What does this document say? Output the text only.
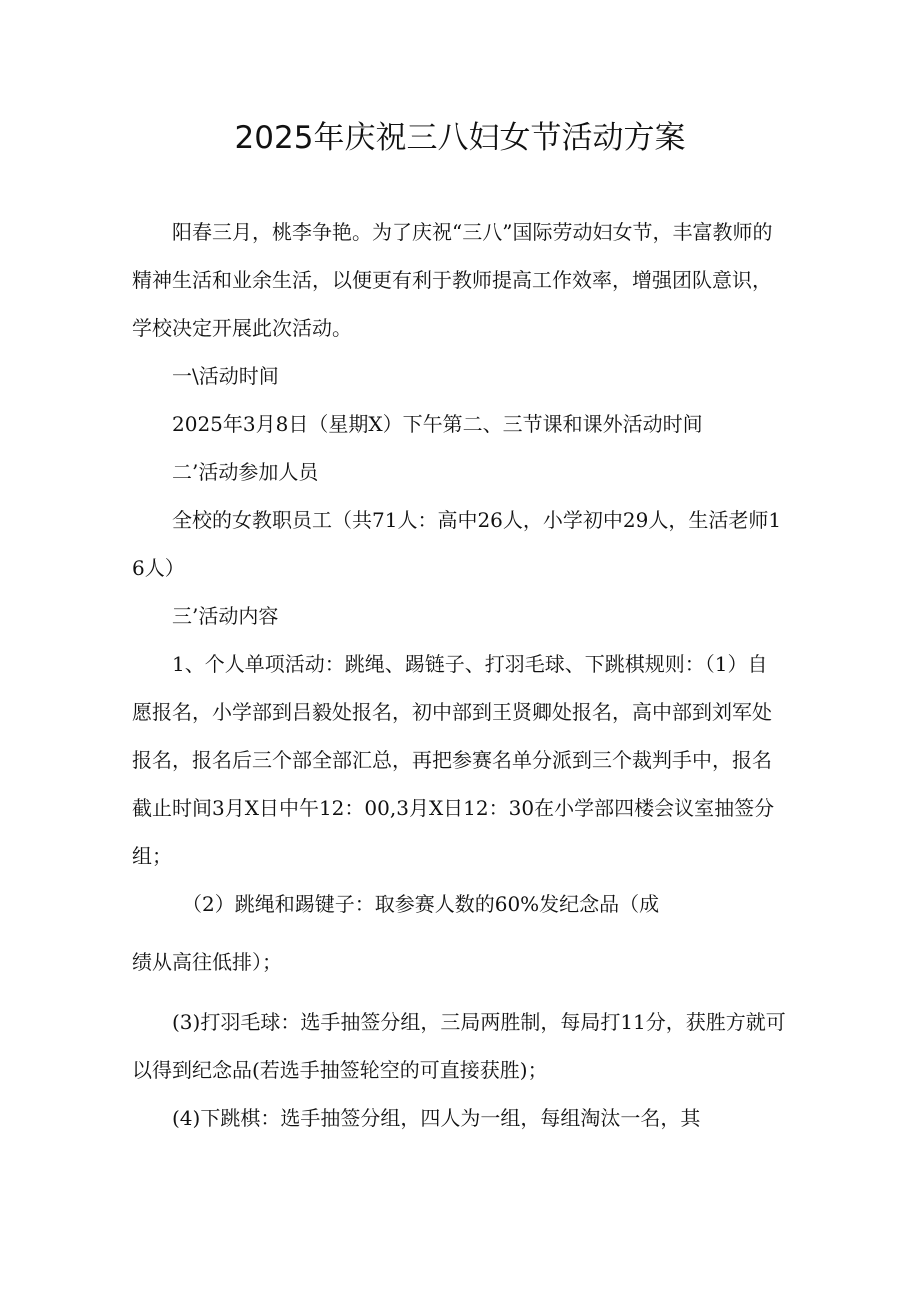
2025年庆祝三八妇女节活动方案

　　阳春三月，桃李争艳。为了庆祝“三八”国际劳动妇女节，丰富教师的精神生活和业余生活，以便更有利于教师提高工作效率，增强团队意识，学校决定开展此次活动。

　　一\活动时间

　　2025年3月8日（星期X）下午第二、三节课和课外活动时间

　　二’活动参加人员

　　全校的女教职员工（共71人：高中26人，小学初中29人，生活老师16人）

　　三’活动内容

　　1、个人单项活动：跳绳、踢链子、打羽毛球、下跳棋规则：（1）自愿报名，小学部到吕毅处报名，初中部到王贤卿处报名，高中部到刘军处报名，报名后三个部全部汇总，再把参赛名单分派到三个裁判手中，报名截止时间3月X日中午12：00,3月X日12：30在小学部四楼会议室抽签分组；

　　　（2）跳绳和踢键子：取参赛人数的60%发纪念品（成

绩从高往低排）；

　　(3)打羽毛球：选手抽签分组，三局两胜制，每局打11分，获胜方就可以得到纪念品(若选手抽签轮空的可直接获胜)；

　　(4)下跳棋：选手抽签分组，四人为一组，每组淘汰一名，其
